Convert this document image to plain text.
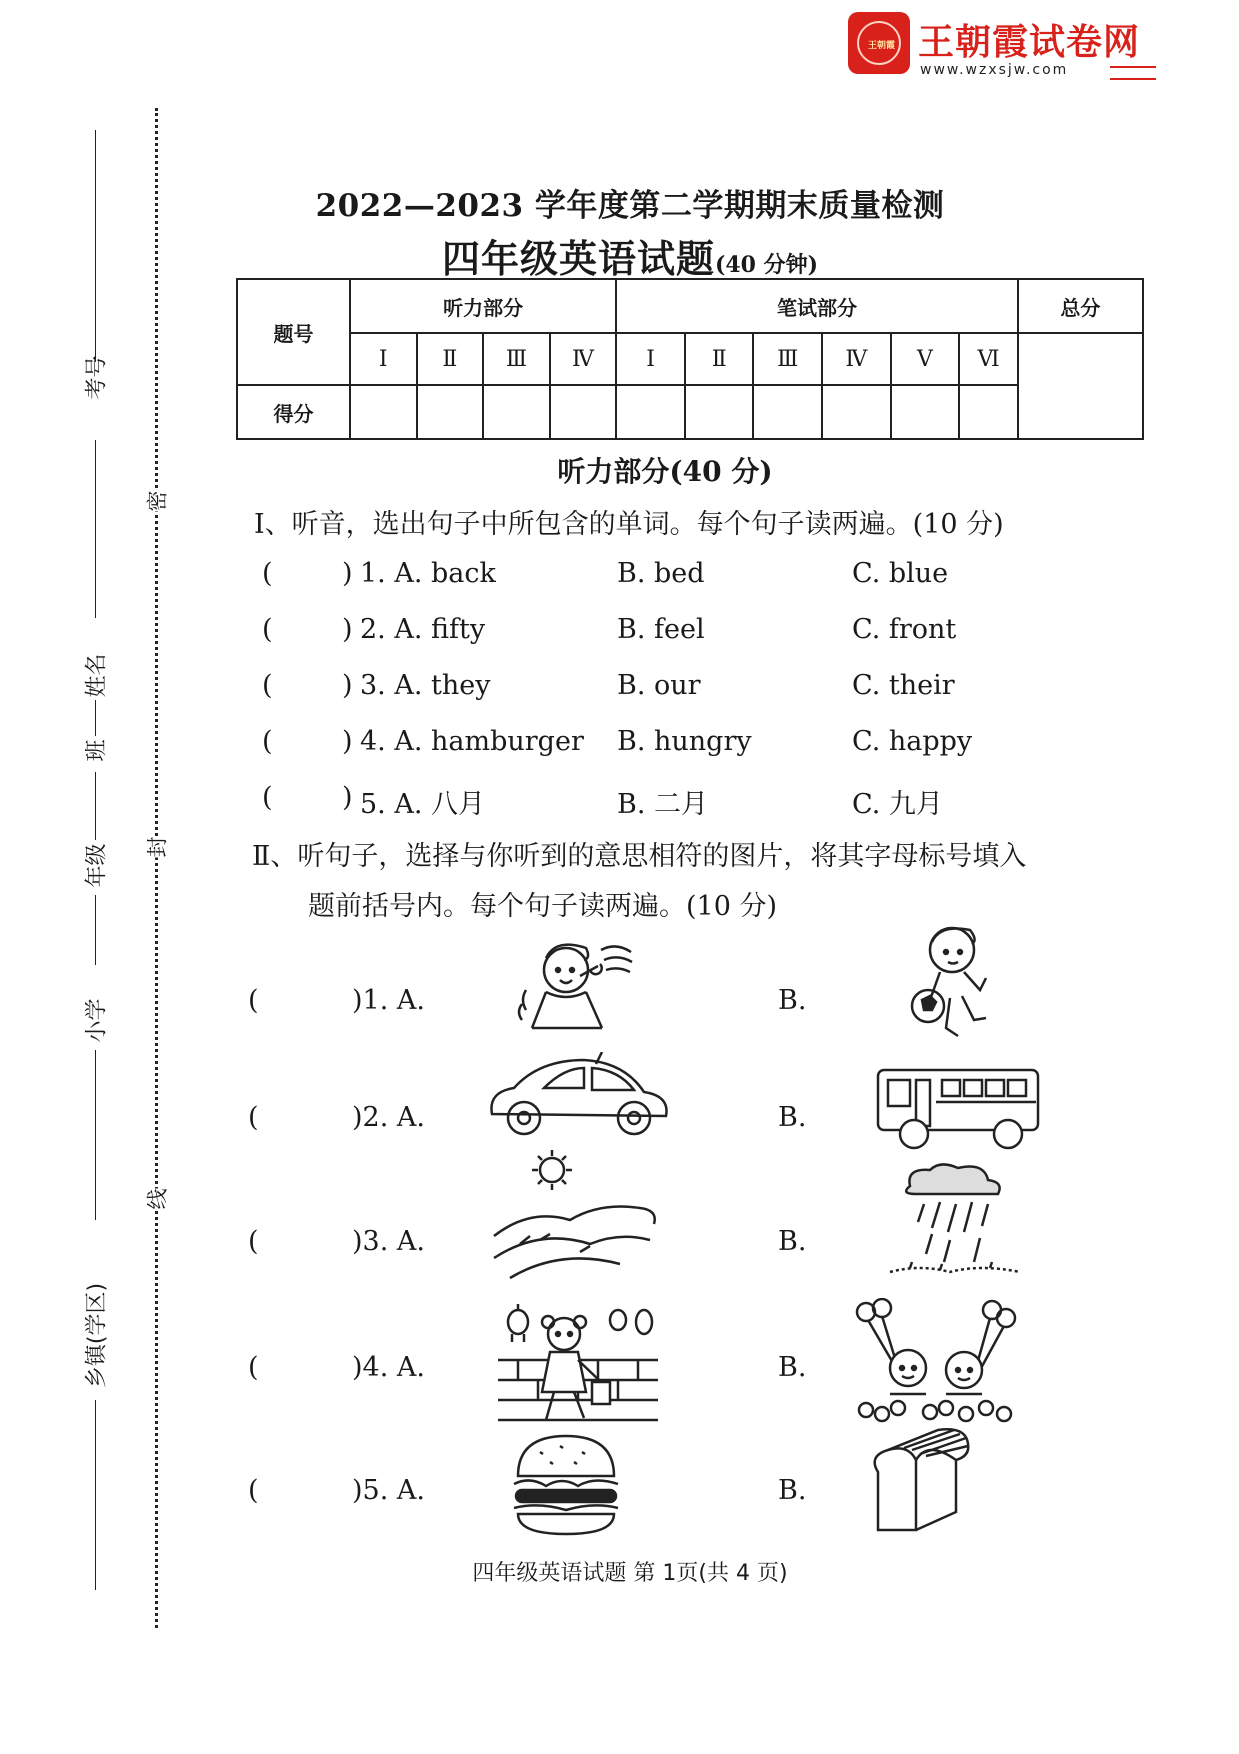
王朝霞 王朝霞试卷网
www.wzxsjw.com
考号
姓名
班
年级
小学
乡镇(学区)
密
封
线
2022—2023 学年度第二学期期末质量检测
四年级英语试题(40 分钟)
题号	听力部分				笔试部分						总分
	I	Ⅱ	Ⅲ	Ⅳ	I	Ⅱ	Ⅲ	Ⅳ	V	Ⅵ	
得分											
听力部分(40 分)
Ⅰ、听音，选出句子中所包含的单词。每个句子读两遍。(10 分)
(	) 1. A. back	B. bed	C. blue
(	) 2. A. fifty	B. feel	C. front
(	) 3. A. they	B. our	C. their
(	) 4. A. hamburger B. hungry	C. happy
(	) 5. A. 八月	B. 二月	C. 九月
Ⅱ、听句子，选择与你听到的意思相符的图片，将其字母标号填入
题前括号内。每个句子读两遍。(10 分)
(	)1. A.	B.
(	)2. A.	B.
(	)3. A.	B.
(	)4. A.	B.
(	)5. A.	B.
四年级英语试题 第 1页(共 4 页)
